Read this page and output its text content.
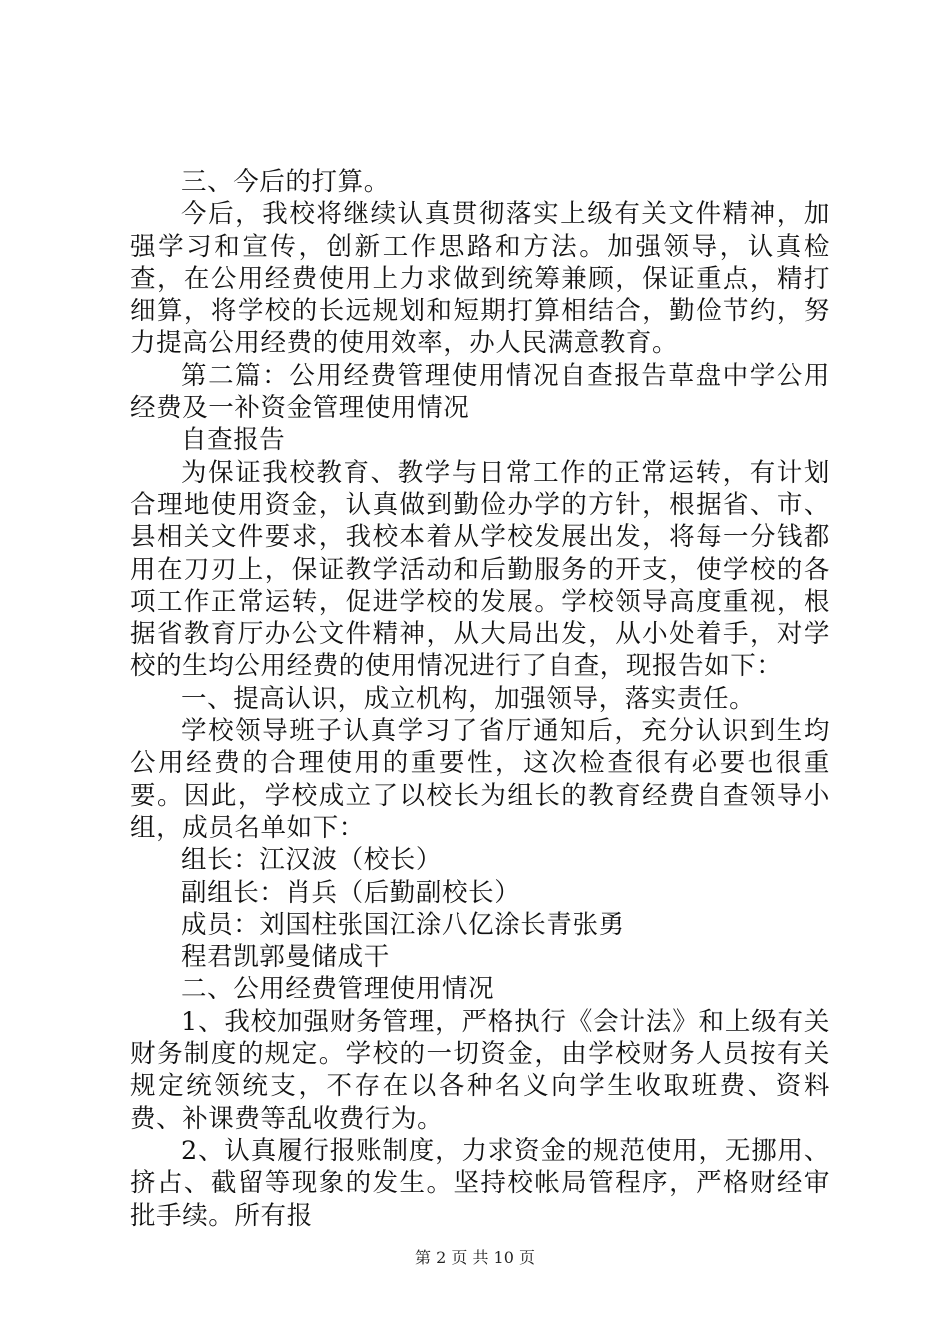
三、今后的打算。

今后，我校将继续认真贯彻落实上级有关文件精神，加强学习和宣传，创新工作思路和方法。加强领导，认真检查，在公用经费使用上力求做到统筹兼顾，保证重点，精打细算，将学校的长远规划和短期打算相结合，勤俭节约，努力提高公用经费的使用效率，办人民满意教育。

第二篇：公用经费管理使用情况自查报告草盘中学公用经费及一补资金管理使用情况

自查报告

为保证我校教育、教学与日常工作的正常运转，有计划合理地使用资金，认真做到勤俭办学的方针，根据省、市、县相关文件要求，我校本着从学校发展出发，将每一分钱都用在刀刃上，保证教学活动和后勤服务的开支，使学校的各项工作正常运转，促进学校的发展。学校领导高度重视，根据省教育厅办公文件精神，从大局出发，从小处着手，对学校的生均公用经费的使用情况进行了自查，现报告如下：

一、提高认识，成立机构，加强领导，落实责任。

学校领导班子认真学习了省厅通知后，充分认识到生均公用经费的合理使用的重要性，这次检查很有必要也很重要。因此，学校成立了以校长为组长的教育经费自查领导小组，成员名单如下：

组长：江汉波（校长）

副组长：肖兵（后勤副校长）

成员：刘国柱张国江涂八亿涂长青张勇

程君凯郭曼储成干

二、公用经费管理使用情况

1、我校加强财务管理，严格执行《会计法》和上级有关财务制度的规定。学校的一切资金，由学校财务人员按有关规定统领统支，不存在以各种名义向学生收取班费、资料费、补课费等乱收费行为。

2、认真履行报账制度，力求资金的规范使用，无挪用、挤占、截留等现象的发生。坚持校帐局管程序，严格财经审批手续。所有报

第 2 页 共 10 页
